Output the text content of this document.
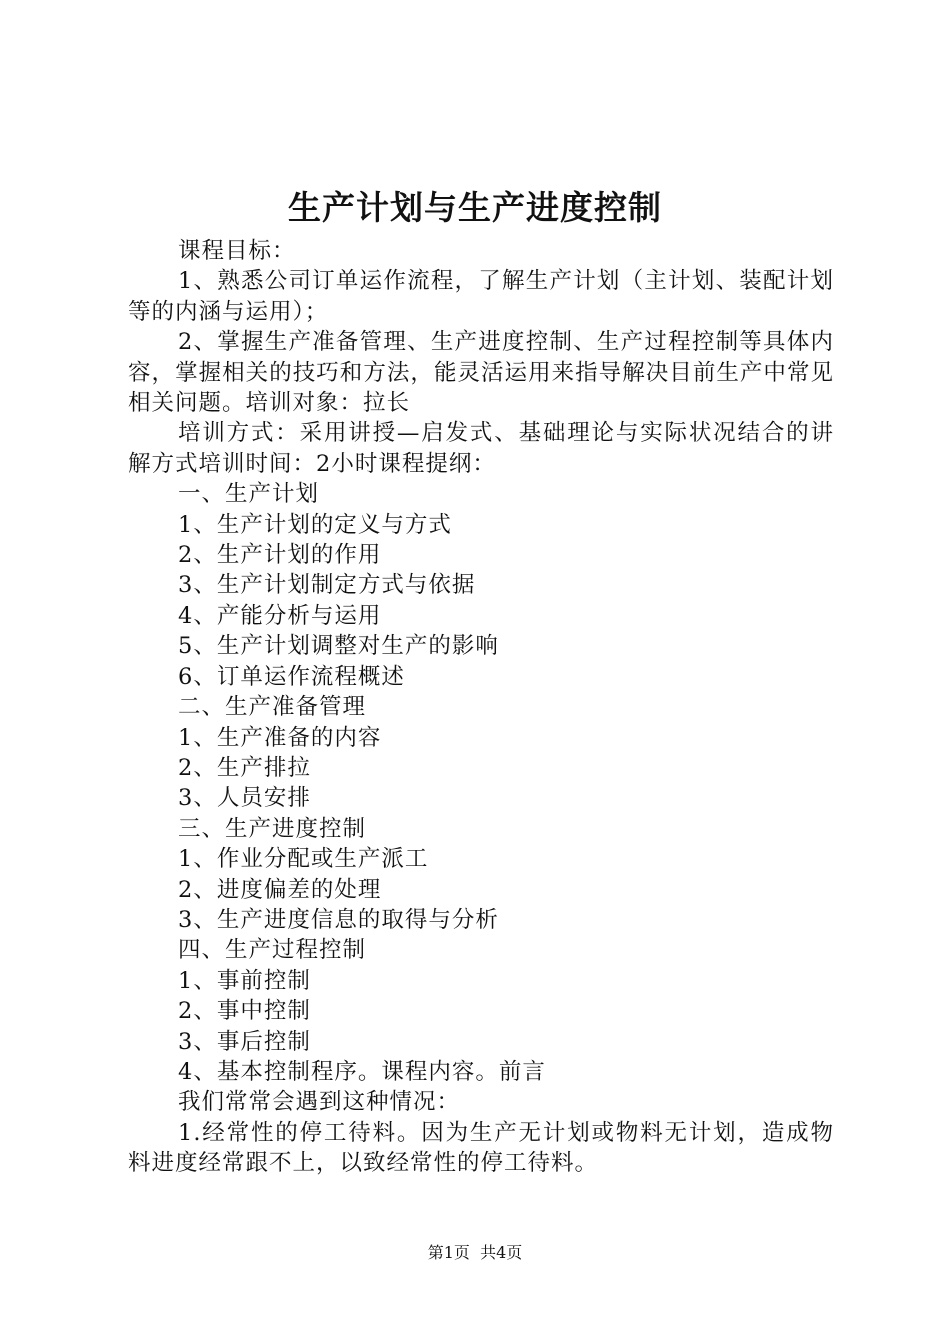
生产计划与生产进度控制

课程目标：

1、熟悉公司订单运作流程，了解生产计划（主计划、装配计划等的内涵与运用）；

2、掌握生产准备管理、生产进度控制、生产过程控制等具体内容，掌握相关的技巧和方法，能灵活运用来指导解决目前生产中常见相关问题。培训对象：拉长

培训方式：采用讲授—启发式、基础理论与实际状况结合的讲解方式培训时间：2小时课程提纲：

一、生产计划

1、生产计划的定义与方式

2、生产计划的作用

3、生产计划制定方式与依据

4、产能分析与运用

5、生产计划调整对生产的影响

6、订单运作流程概述

二、生产准备管理

1、生产准备的内容

2、生产排拉

3、人员安排

三、生产进度控制

1、作业分配或生产派工

2、进度偏差的处理

3、生产进度信息的取得与分析

四、生产过程控制

1、事前控制

2、事中控制

3、事后控制

4、基本控制程序。课程内容。前言

我们常常会遇到这种情况：

1.经常性的停工待料。因为生产无计划或物料无计划，造成物料进度经常跟不上，以致经常性的停工待料。

第1页 共4页
